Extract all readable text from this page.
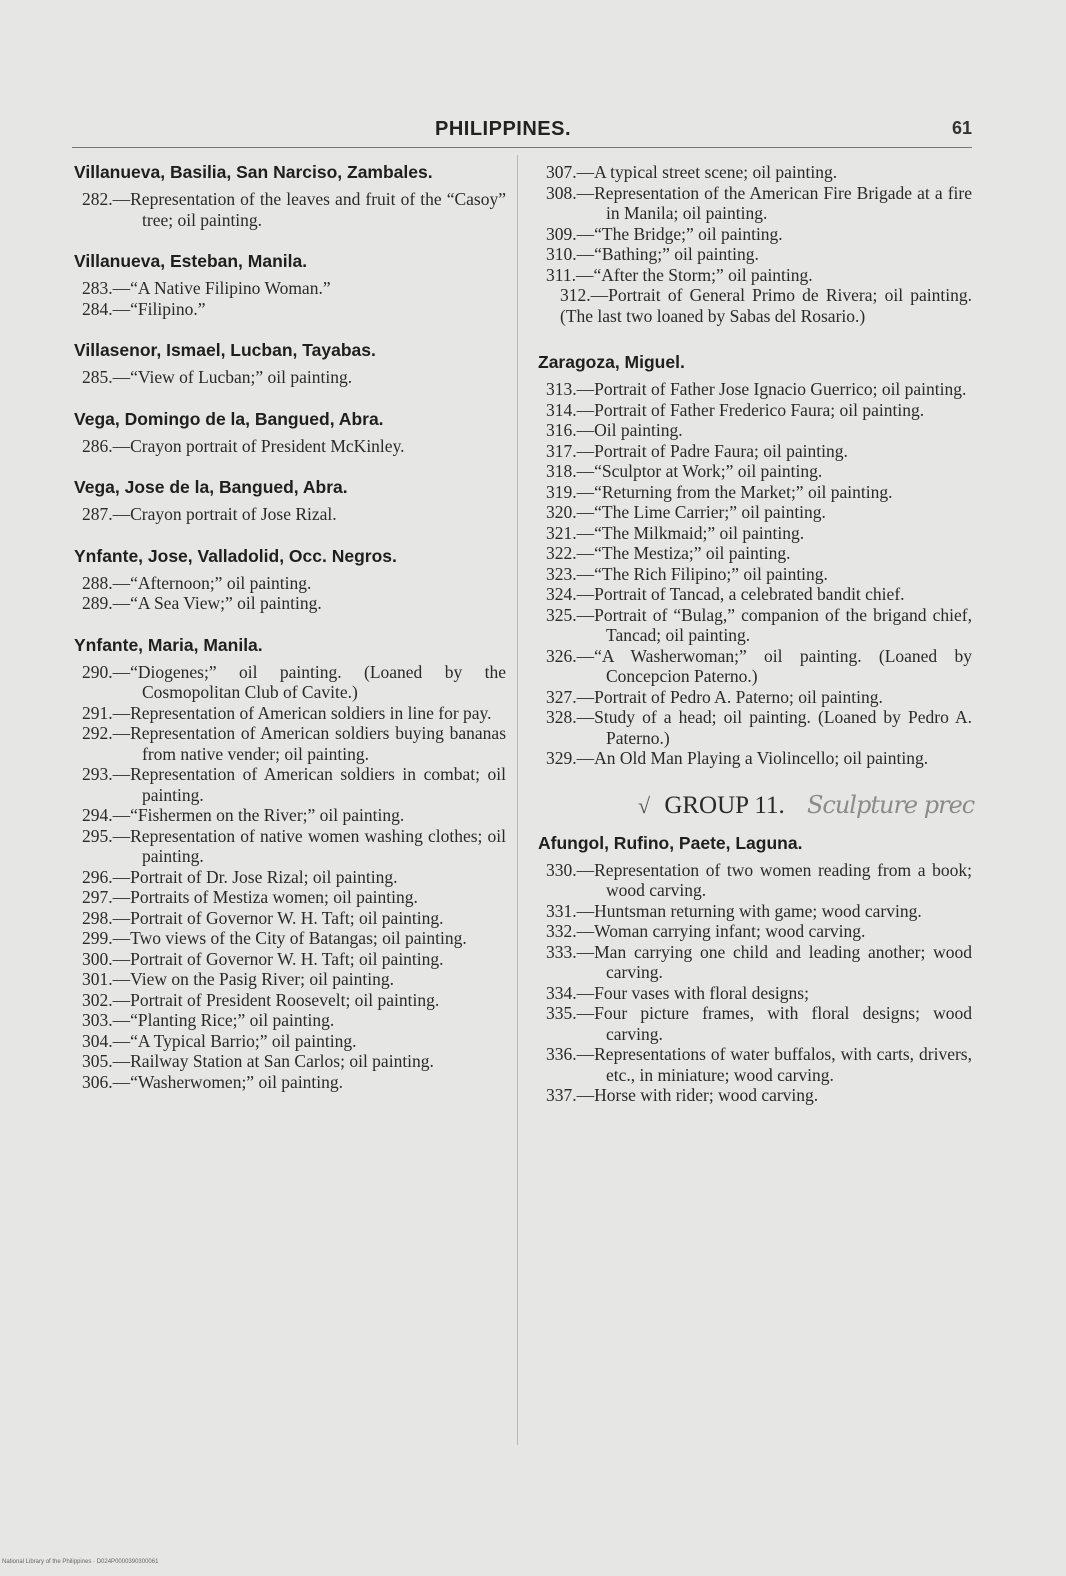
PHILIPPINES.	61
Villanueva, Basilia, San Narciso, Zambales.
282.—Representation of the leaves and fruit of the “Casoy” tree; oil painting.
Villanueva, Esteban, Manila.
283.—“A Native Filipino Woman.”
284.—“Filipino.”
Villasenor, Ismael, Lucban, Tayabas.
285.—“View of Lucban;” oil painting.
Vega, Domingo de la, Bangued, Abra.
286.—Crayon portrait of President McKinley.
Vega, Jose de la, Bangued, Abra.
287.—Crayon portrait of Jose Rizal.
Ynfante, Jose, Valladolid, Occ. Negros.
288.—“Afternoon;” oil painting.
289.—“A Sea View;” oil painting.
Ynfante, Maria, Manila.
290.—“Diogenes;” oil painting. (Loaned by the Cosmopolitan Club of Cavite.)
291.—Representation of American soldiers in line for pay.
292.—Representation of American soldiers buying bananas from native vender; oil painting.
293.—Representation of American soldiers in combat; oil painting.
294.—“Fishermen on the River;” oil painting.
295.—Representation of native women washing clothes; oil painting.
296.—Portrait of Dr. Jose Rizal; oil painting.
297.—Portraits of Mestiza women; oil painting.
298.—Portrait of Governor W. H. Taft; oil painting.
299.—Two views of the City of Batangas; oil painting.
300.—Portrait of Governor W. H. Taft; oil painting.
301.—View on the Pasig River; oil painting.
302.—Portrait of President Roosevelt; oil painting.
303.—“Planting Rice;” oil painting.
304.—“A Typical Barrio;” oil painting.
305.—Railway Station at San Carlos; oil painting.
306.—“Washerwomen;” oil painting.
307.—A typical street scene; oil painting.
308.—Representation of the American Fire Brigade at a fire in Manila; oil painting.
309.—“The Bridge;” oil painting.
310.—“Bathing;” oil painting.
311.—“After the Storm;” oil painting.
312.—Portrait of General Primo de Rivera; oil painting. (The last two loaned by Sabas del Rosario.)
Zaragoza, Miguel.
313.—Portrait of Father Jose Ignacio Guerrico; oil painting.
314.—Portrait of Father Frederico Faura; oil painting.
316.—Oil painting.
317.—Portrait of Padre Faura; oil painting.
318.—“Sculptor at Work;” oil painting.
319.—“Returning from the Market;” oil painting.
320.—“The Lime Carrier;” oil painting.
321.—“The Milkmaid;” oil painting.
322.—“The Mestiza;” oil painting.
323.—“The Rich Filipino;” oil painting.
324.—Portrait of Tancad, a celebrated bandit chief.
325.—Portrait of “Bulag,” companion of the brigand chief, Tancad; oil painting.
326.—“A Washerwoman;” oil painting. (Loaned by Concepcion Paterno.)
327.—Portrait of Pedro A. Paterno; oil painting.
328.—Study of a head; oil painting. (Loaned by Pedro A. Paterno.)
329.—An Old Man Playing a Violincello; oil painting.
√ GROUP 11. Sculpture prec
Afungol, Rufino, Paete, Laguna.
330.—Representation of two women reading from a book; wood carving.
331.—Huntsman returning with game; wood carving.
332.—Woman carrying infant; wood carving.
333.—Man carrying one child and leading another; wood carving.
334.—Four vases with floral designs;
335.—Four picture frames, with floral designs; wood carving.
336.—Representations of water buffalos, with carts, drivers, etc., in miniature; wood carving.
337.—Horse with rider; wood carving.
National Library of the Philippines · D024P0000390300061
